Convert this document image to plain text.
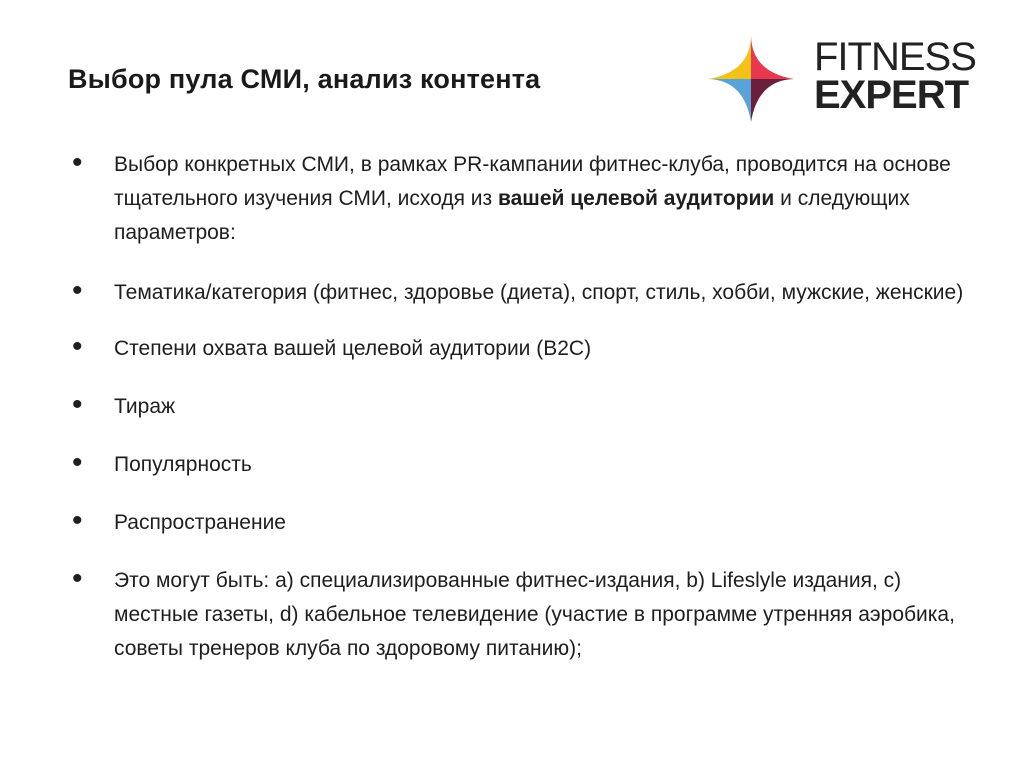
Выбор пула СМИ, анализ контента	FITNESS
EXPERT
• Выбор конкретных СМИ, в рамках PR-кампании фитнес-клуба, проводится на основе тщательного изучения СМИ, исходя из вашей целевой аудитории и следующих параметров:
• Тематика/категория (фитнес, здоровье (диета), спорт, стиль, хобби, мужские, женские)
• Степени охвата вашей целевой аудитории (B2C)
• Тираж
• Популярность
• Распространение
• Это могут быть: a) специализированные фитнес-издания, b) Lifeslyle издания, c) местные газеты, d) кабельное телевидение (участие в программе утренняя аэробика, советы тренеров клуба по здоровому питанию);
